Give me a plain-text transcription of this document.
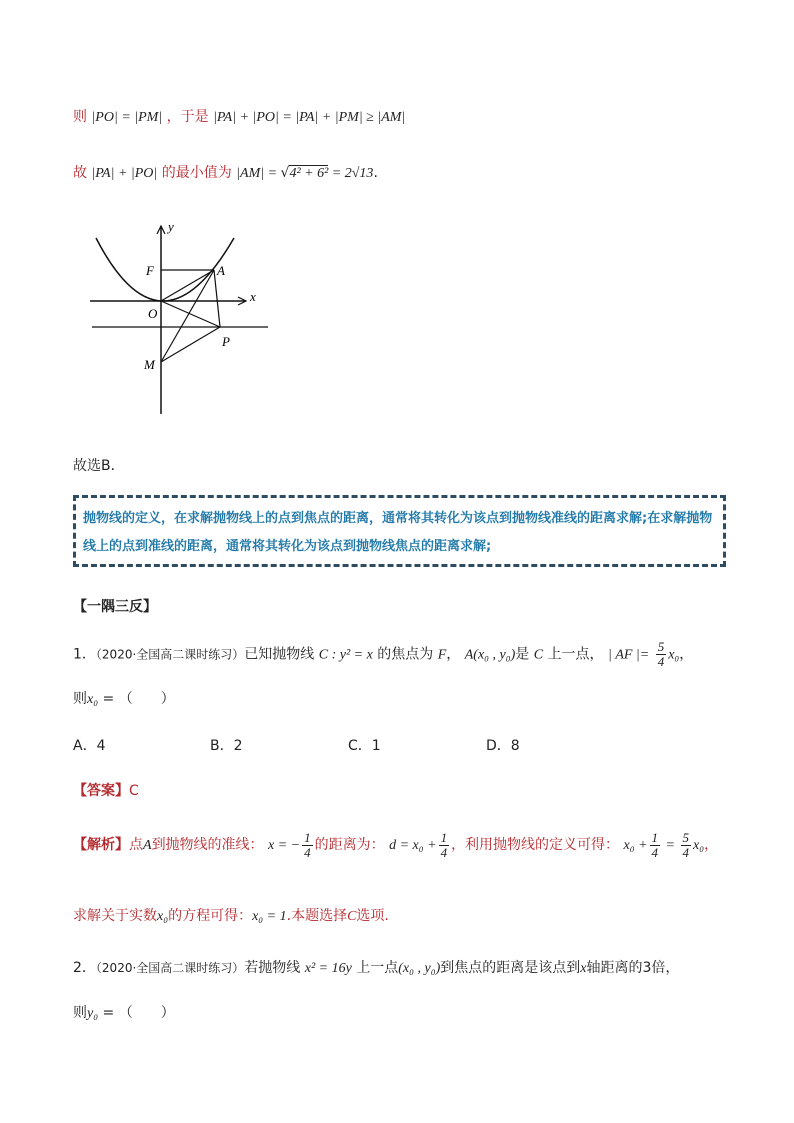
则 |PO| = |PM| ，于是 |PA| + |PO| = |PA| + |PM| ≥ |AM|
故 |PA| + |PO| 的最小值为 |AM| = √4² + 6² = 2√13.
y
x
F	A
O
P
M
故选B．
抛物线的定义，在求解抛物线上的点到焦点的距离，通常将其转化为该点到抛物线准线的距离求解;在求解抛物线上的点到准线的距离，通常将其转化为该点到抛物线焦点的距离求解;
【一隅三反】
1．（2020·全国高二课时练习）已知抛物线 C : y² = x 的焦点为 F， A(x₀ , y₀)是 C 上一点， | AF |= $\frac{5}{4} x_0$，
则x₀ = （　　）
A．4	B．2	C．1	D．8
【答案】C
【解析】点A到抛物线的准线： x = − $\frac{1}{4}$ 的距离为： $d = x_0 + \frac{1}{4}$ ，利用抛物线的定义可得： $x_0 + \frac{1}{4} = \frac{5}{4} x_0$，
求解关于实数x₀的方程可得：x₀ = 1.本题选择C选项.
2．（2020·全国高二课时练习）若抛物线 x² = 16y 上一点(x₀ , y₀)到焦点的距离是该点到x轴距离的3倍，
则y₀ = （　　）
